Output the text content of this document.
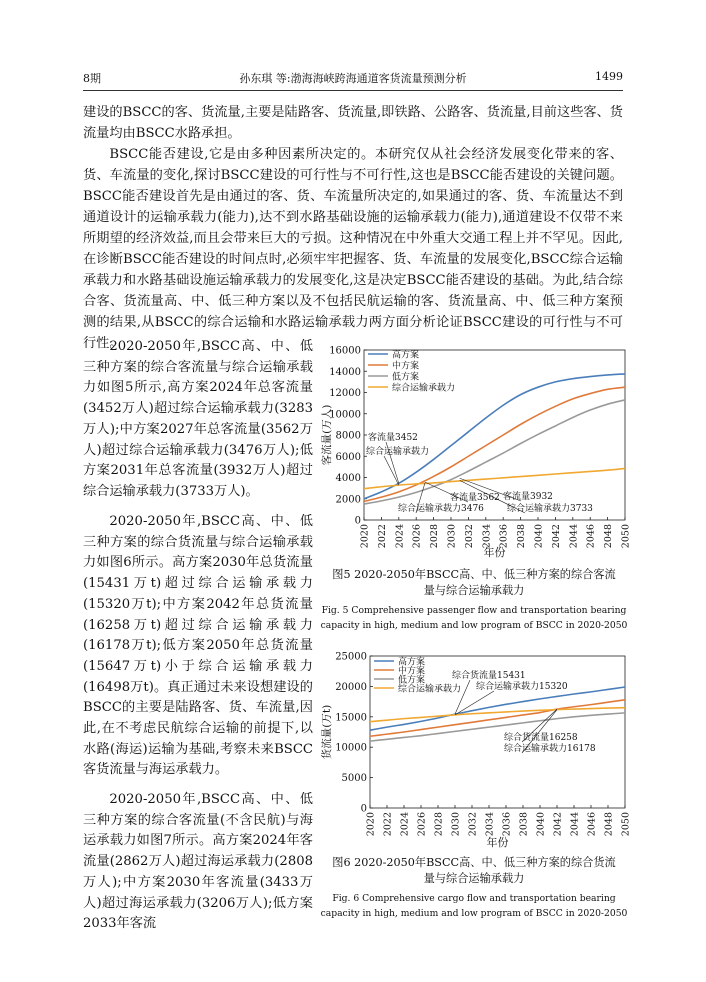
8期	孙东琪 等:渤海海峡跨海通道客货流量预测分析	1499

建设的BSCC的客、货流量,主要是陆路客、货流量,即铁路、公路客、货流量,目前这些客、货流量均由BSCC水路承担。

BSCC能否建设,它是由多种因素所决定的。本研究仅从社会经济发展变化带来的客、货、车流量的变化,探讨BSCC建设的可行性与不可行性,这也是BSCC能否建设的关键问题。BSCC能否建设首先是由通过的客、货、车流量所决定的,如果通过的客、货、车流量达不到通道设计的运输承载力(能力),达不到水路基础设施的运输承载力(能力),通道建设不仅带不来所期望的经济效益,而且会带来巨大的亏损。这种情况在中外重大交通工程上并不罕见。因此,在诊断BSCC能否建设的时间点时,必须牢牢把握客、货、车流量的发展变化,BSCC综合运输承载力和水路基础设施运输承载力的发展变化,这是决定BSCC能否建设的基础。为此,结合综合客、货流量高、中、低三种方案以及不包括民航运输的客、货流量高、中、低三种方案预测的结果,从BSCC的综合运输和水路运输承载力两方面分析论证BSCC建设的可行性与不可行性。

2020-2050年,BSCC高、中、低三种方案的综合客流量与综合运输承载力如图5所示,高方案2024年总客流量(3452万人)超过综合运输承载力(3283万人);中方案2027年总客流量(3562万人)超过综合运输承载力(3476万人);低方案2031年总客流量(3932万人)超过综合运输承载力(3733万人)。

2020-2050年,BSCC高、中、低三种方案的综合货流量与综合运输承载力如图6所示。高方案2030年总货流量(15431万t)超过综合运输承载力(15320万t);中方案2042年总货流量(16258万t)超过综合运输承载力(16178万t);低方案2050年总货流量(15647万t)小于综合运输承载力(16498万t)。真正通过未来设想建设的BSCC的主要是陆路客、货、车流量,因此,在不考虑民航综合运输的前提下,以水路(海运)运输为基础,考察未来BSCC客货流量与海运承载力。

2020-2050年,BSCC高、中、低三种方案的综合客流量(不含民航)与海运承载力如图7所示。高方案2024年客流量(2862万人)超过海运承载力(2808万人);中方案2030年客流量(3433万人)超过海运承载力(3206万人);低方案2033年客流

0
2000
4000
6000
8000
10000
12000
14000
16000
2020 2022 2024 2026 2028 2030 2032 2034 2036 2038 2040 2042 2044 2046 2048 2050
年份
客流量(万人)
高方案
中方案
低方案
综合运输承载力
客流量3452
综合运输承载力
客流量3562
综合运输承载力3476
客流量3932
综合运输承载力3733
图5 2020-2050年BSCC高、中、低三种方案的综合客流
量与综合运输承载力
Fig. 5 Comprehensive passenger flow and transportation bearing
capacity in high, medium and low program of BSCC in 2020-2050
0
5000
10000
15000
20000
25000
2020 2022 2024 2026 2028 2030 2032 2034 2036 2038 2040 2042 2044 2046 2048 2050
年份
货流量(万t)
高方案
中方案
低方案
综合运输承载力
综合货流量15431
综合运输承载力15320
综合货流量16258
综合运输承载力16178
图6 2020-2050年BSCC高、中、低三种方案的综合货流
量与综合运输承载力
Fig. 6 Comprehensive cargo flow and transportation bearing
capacity in high, medium and low program of BSCC in 2020-2050
